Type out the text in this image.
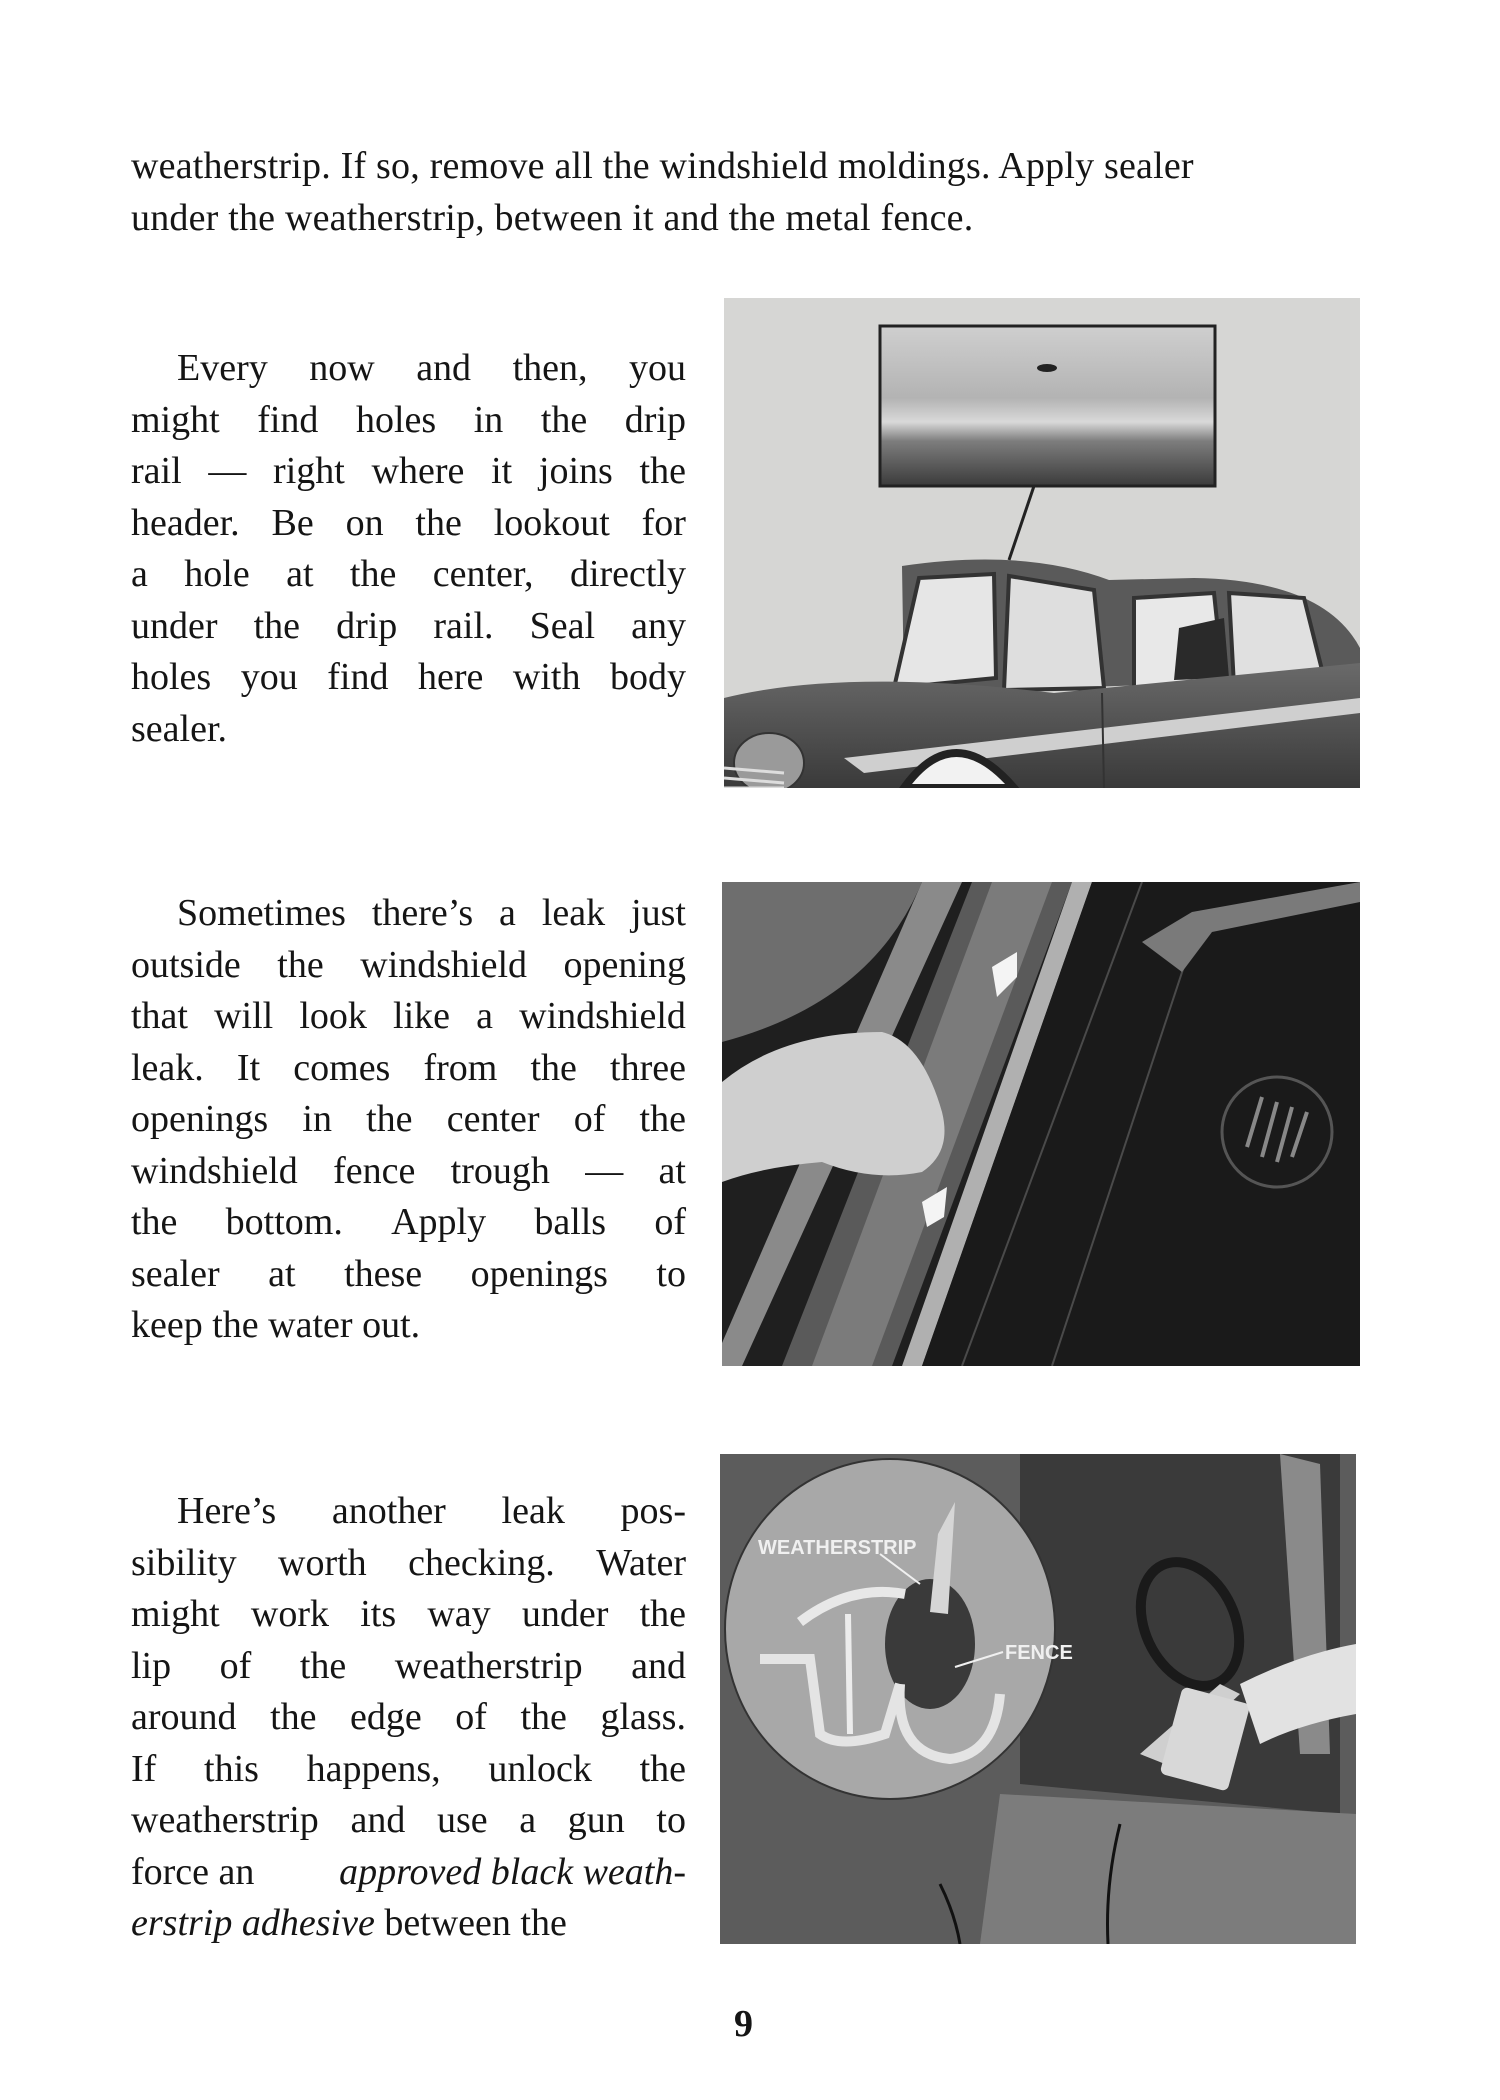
weatherstrip. If so, remove all the windshield moldings. Apply sealer
under the weatherstrip, between it and the metal fence.

Every now and then, you
might find holes in the drip
rail — right where it joins the
header. Be on the lookout for
a hole at the center, directly
under the drip rail. Seal any
holes you find here with body
sealer.

Sometimes there’s a leak just
outside the windshield opening
that will look like a windshield
leak. It comes from the three
openings in the center of the
windshield fence trough — at
the bottom. Apply balls of
sealer at these openings to
keep the water out.

Here’s another leak pos-
sibility worth checking. Water
might work its way under the
lip of the weatherstrip and
around the edge of the glass.
If this happens, unlock the
weatherstrip and use a gun to
force an approved black weath-
erstrip adhesive between the

WEATHERSTRIP
FENCE

9
